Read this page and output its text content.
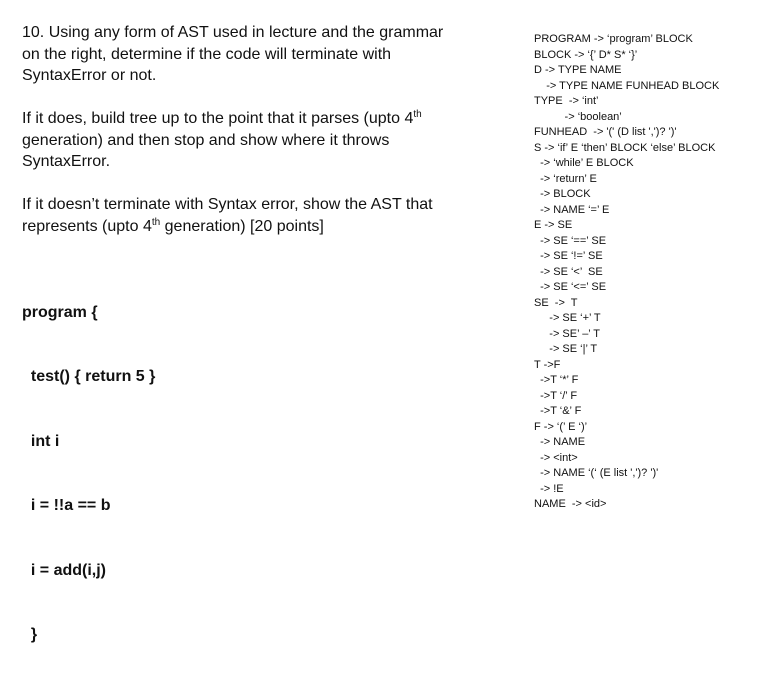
10. Using any form of AST used in lecture and the grammar
on the right, determine if the code will terminate with
SyntaxError or not.

If it does, build tree up to the point that it parses (upto 4th
generation) and then stop and show where it throws
SyntaxError.

If it doesn’t terminate with Syntax error, show the AST that
represents (upto 4th generation) [20 points]

program {

test() { return 5 }

int i

i = !!a == b

i = add(i,j)

}

PROGRAM -> ‘program’ BLOCK
BLOCK -> ‘{’ D* S* ‘}’
D -> TYPE NAME
-> TYPE NAME FUNHEAD BLOCK
TYPE  -> ‘int’
-> ‘boolean’
FUNHEAD  -> '(' (D list ',')? ')'
S -> ‘if’ E ‘then’ BLOCK ‘else’ BLOCK
-> ‘while’ E BLOCK
-> ‘return’ E
-> BLOCK
-> NAME ‘=’ E
E -> SE
-> SE ‘==’ SE
-> SE ‘!=’ SE
-> SE ‘<’  SE
-> SE ‘<=’ SE
SE  ->  T
-> SE ‘+’ T
-> SE’ –’ T
-> SE ‘|’ T
T ->F
->T ‘*’ F
->T ‘/’ F
->T ‘&’ F
F -> ‘(’ E ‘)’
-> NAME
-> <int>
-> NAME ‘(‘ (E list ',')? ')'
-> !E
NAME  -> <id>
